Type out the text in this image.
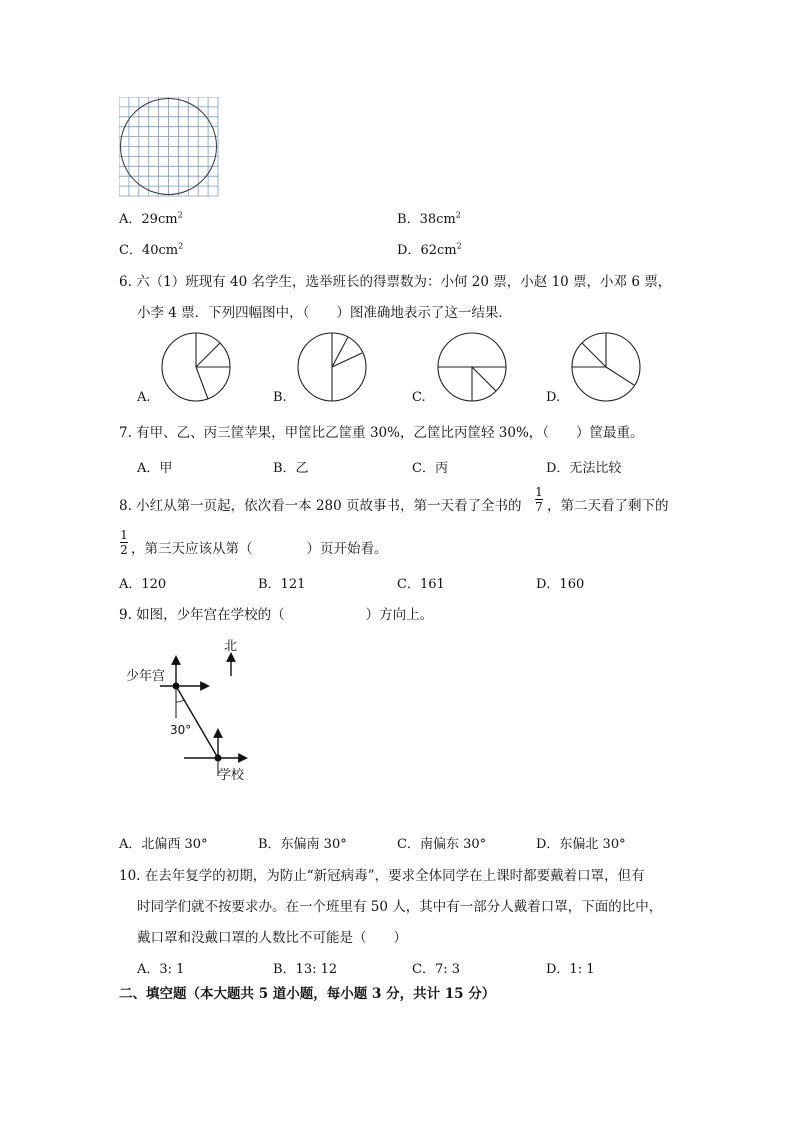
A．$29cm^2$	B．$38cm^2$
C．$40cm^2$	D．$62cm^2$
6. 六（1）班现有 40 名学生，选举班长的得票数为：小何 20 票，小赵 10 票，小邓 6 票，
小李 4 票．下列四幅图中，（　　）图准确地表示了这一结果．
A.	B.	C.	D.
7. 有甲、乙、丙三筐苹果，甲筐比乙筐重 30%，乙筐比丙筐轻 30%，（　　）筐最重。
A．甲	B．乙	C．丙	D．无法比较
8. 小红从第一页起，依次看一本 280 页故事书，第一天看了全书的
1
7 ，第二天看了剩下的
1
2 ，第三天应该从第（　　　　）页开始看。
A．120	B．121	C．161	D．160
9. 如图，少年宫在学校的（　　　　　　）方向上。
北
少年宫
30°
学校
A．北偏西 30°	B．东偏南 30°	C．南偏东 30°	D．东偏北 30°
10. 在去年复学的初期，为防止“新冠病毒”，要求全体同学在上课时都要戴着口罩，但有
时同学们就不按要求办。在一个班里有 50 人，其中有一部分人戴着口罩，下面的比中，
戴口罩和没戴口罩的人数比不可能是（　　）
A．3: 1	B．13: 12	C．7: 3	D．1: 1
二、填空题（本大题共 5 道小题，每小题 3 分，共计 15 分）
